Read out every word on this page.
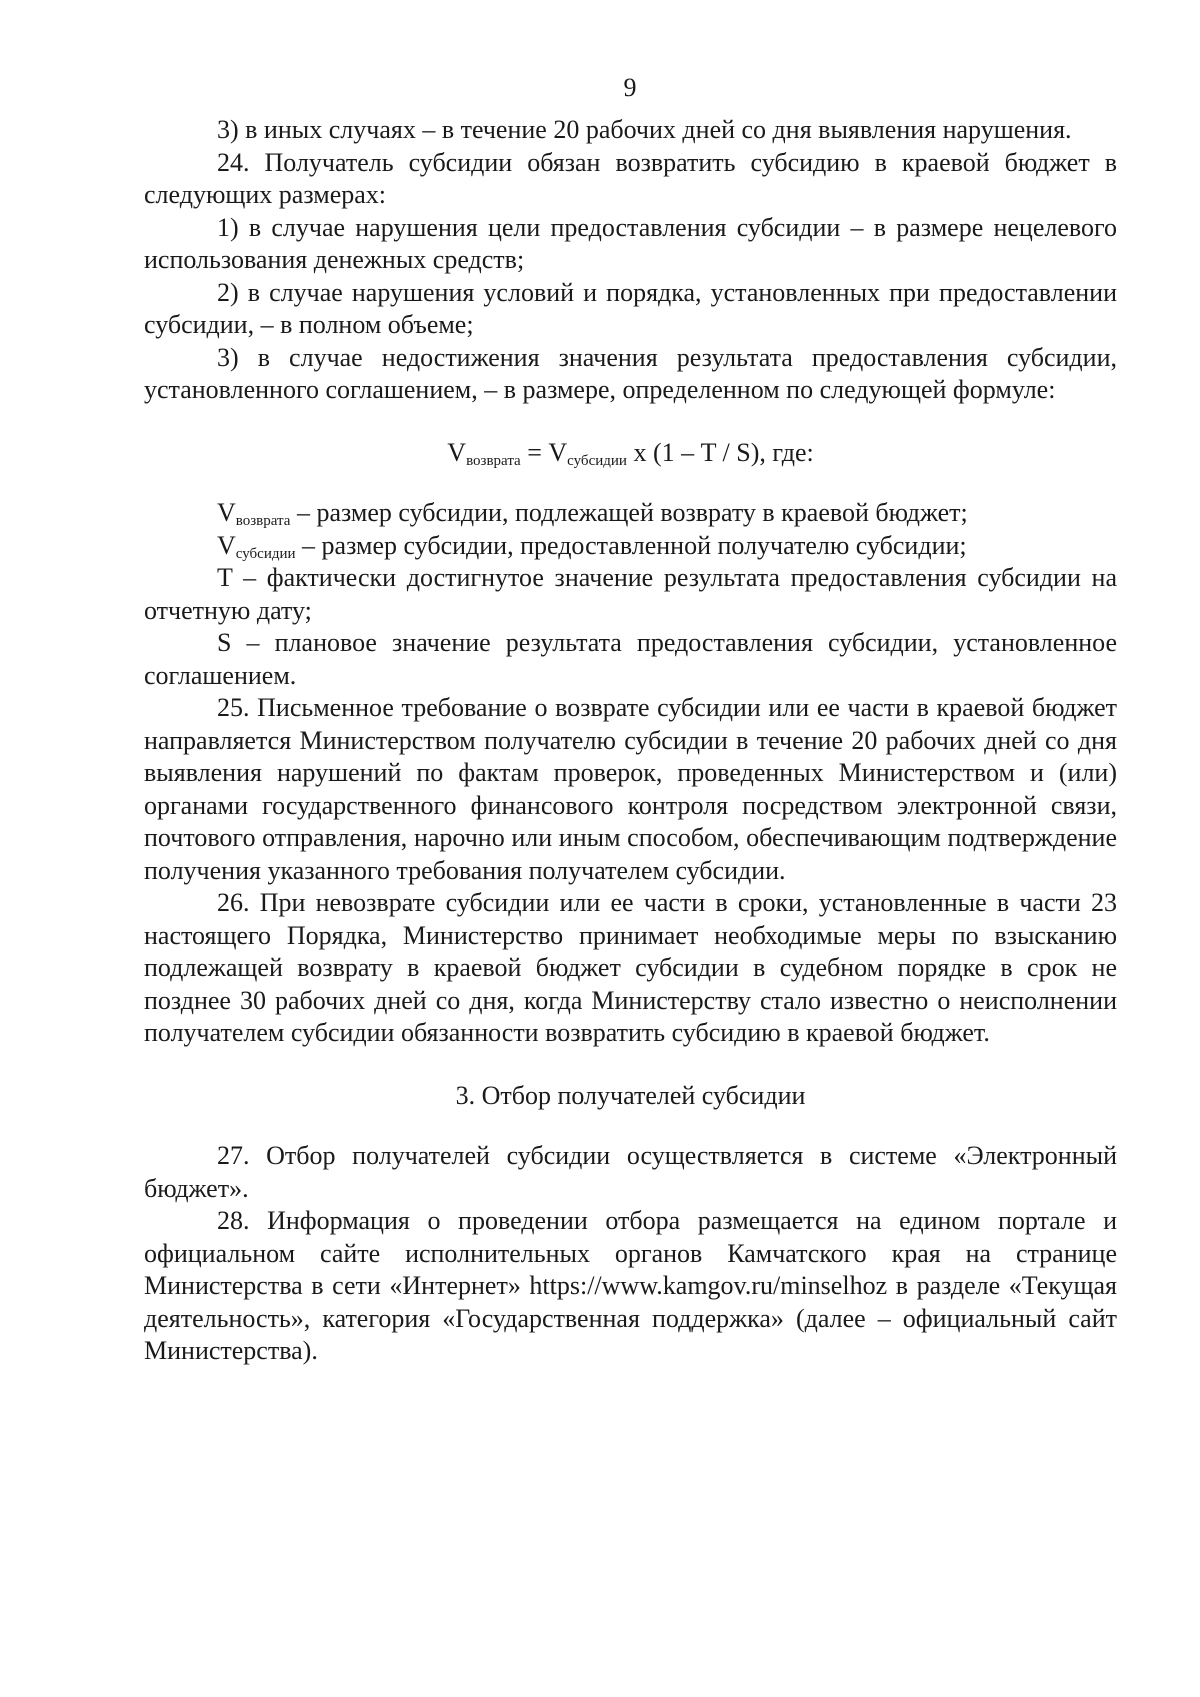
9

3) в иных случаях – в течение 20 рабочих дней со дня выявления нарушения.

24. Получатель субсидии обязан возвратить субсидию в краевой бюджет в следующих размерах:

1) в случае нарушения цели предоставления субсидии – в размере нецелевого использования денежных средств;

2) в случае нарушения условий и порядка, установленных при предоставлении субсидии, – в полном объеме;

3) в случае недостижения значения результата предоставления субсидии, установленного соглашением, – в размере, определенном по следующей формуле:

$V_{возврата} = V_{субсидии}$ х (1 – T / S), где:

$V_{возврата}$ – размер субсидии, подлежащей возврату в краевой бюджет;

$V_{субсидии}$ – размер субсидии, предоставленной получателю субсидии;

T – фактически достигнутое значение результата предоставления субсидии на отчетную дату;

S – плановое значение результата предоставления субсидии, установленное соглашением.

25. Письменное требование о возврате субсидии или ее части в краевой бюджет направляется Министерством получателю субсидии в течение 20 рабочих дней со дня выявления нарушений по фактам проверок, проведенных Министерством и (или) органами государственного финансового контроля посредством электронной связи, почтового отправления, нарочно или иным способом, обеспечивающим подтверждение получения указанного требования получателем субсидии.

26. При невозврате субсидии или ее части в сроки, установленные в части 23 настоящего Порядка, Министерство принимает необходимые меры по взысканию подлежащей возврату в краевой бюджет субсидии в судебном порядке в срок не позднее 30 рабочих дней со дня, когда Министерству стало известно о неисполнении получателем субсидии обязанности возвратить субсидию в краевой бюджет.

3. Отбор получателей субсидии

27. Отбор получателей субсидии осуществляется в системе «Электронный бюджет».

28. Информация о проведении отбора размещается на едином портале и официальном сайте исполнительных органов Камчатского края на странице Министерства в сети «Интернет» https://www.kamgov.ru/minselhoz в разделе «Текущая деятельность», категория «Государственная поддержка» (далее – официальный сайт Министерства).
